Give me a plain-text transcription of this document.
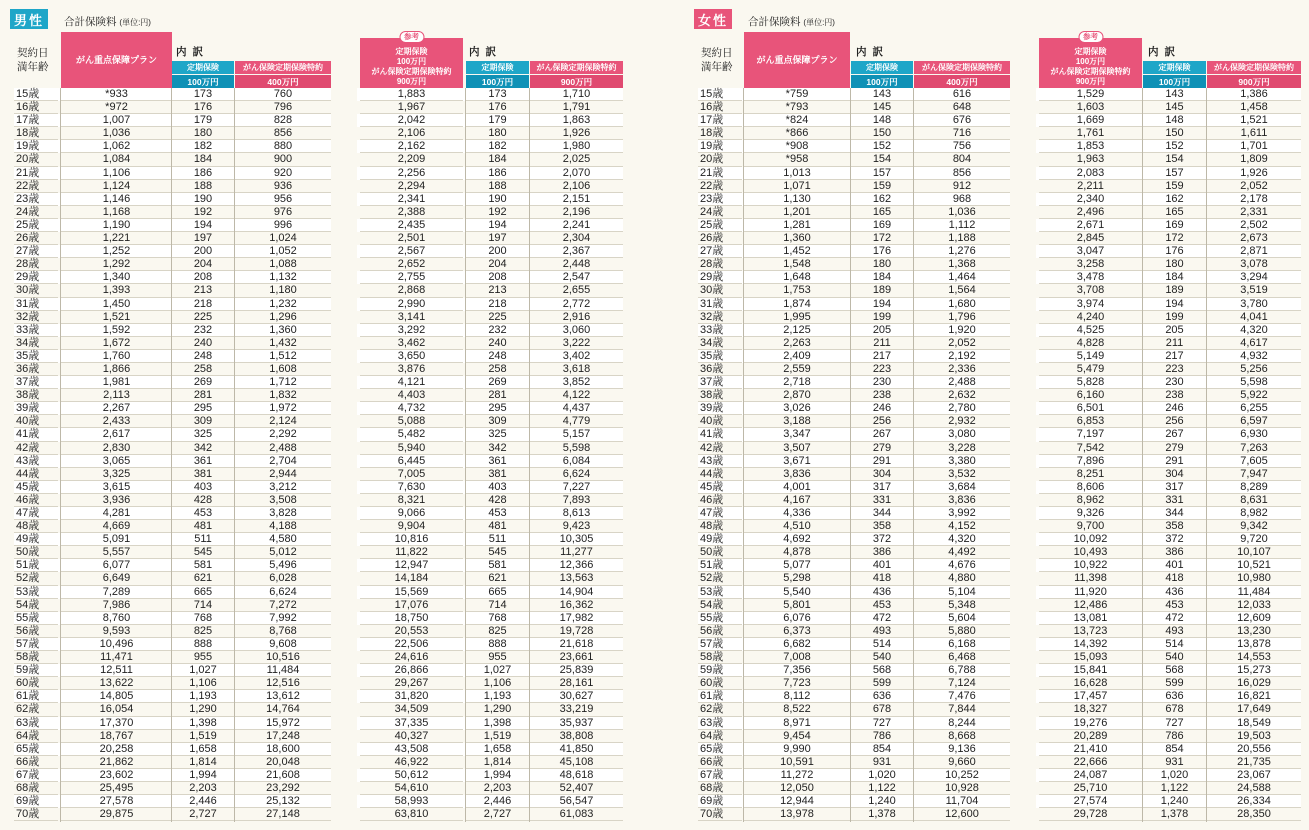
男性	合計保険料 (単位:円)
契約日
満年齢
がん重点保障プラン
内訳
定期保険	がん保険定期保険特約
100万円	400万円
15歳	*933	173	760
16歳	*972	176	796
17歳	1,007	179	828
18歳	1,036	180	856
19歳	1,062	182	880
20歳	1,084	184	900
21歳	1,106	186	920
22歳	1,124	188	936
23歳	1,146	190	956
24歳	1,168	192	976
25歳	1,190	194	996
26歳	1,221	197	1,024
27歳	1,252	200	1,052
28歳	1,292	204	1,088
29歳	1,340	208	1,132
30歳	1,393	213	1,180
31歳	1,450	218	1,232
32歳	1,521	225	1,296
33歳	1,592	232	1,360
34歳	1,672	240	1,432
35歳	1,760	248	1,512
36歳	1,866	258	1,608
37歳	1,981	269	1,712
38歳	2,113	281	1,832
39歳	2,267	295	1,972
40歳	2,433	309	2,124
41歳	2,617	325	2,292
42歳	2,830	342	2,488
43歳	3,065	361	2,704
44歳	3,325	381	2,944
45歳	3,615	403	3,212
46歳	3,936	428	3,508
47歳	4,281	453	3,828
48歳	4,669	481	4,188
49歳	5,091	511	4,580
50歳	5,557	545	5,012
51歳	6,077	581	5,496
52歳	6,649	621	6,028
53歳	7,289	665	6,624
54歳	7,986	714	7,272
55歳	8,760	768	7,992
56歳	9,593	825	8,768
57歳	10,496	888	9,608
58歳	11,471	955	10,516
59歳	12,511	1,027	11,484
60歳	13,622	1,106	12,516
61歳	14,805	1,193	13,612
62歳	16,054	1,290	14,764
63歳	17,370	1,398	15,972
64歳	18,767	1,519	17,248
65歳	20,258	1,658	18,600
66歳	21,862	1,814	20,048
67歳	23,602	1,994	21,608
68歳	25,495	2,203	23,292
69歳	27,578	2,446	25,132
70歳	29,875	2,727	27,148
参考
定期保険
100万円
がん保険定期保険特約
900万円
内訳
定期保険	がん保険定期保険特約
100万円	900万円
1,883	173	1,710
1,967	176	1,791
2,042	179	1,863
2,106	180	1,926
2,162	182	1,980
2,209	184	2,025
2,256	186	2,070
2,294	188	2,106
2,341	190	2,151
2,388	192	2,196
2,435	194	2,241
2,501	197	2,304
2,567	200	2,367
2,652	204	2,448
2,755	208	2,547
2,868	213	2,655
2,990	218	2,772
3,141	225	2,916
3,292	232	3,060
3,462	240	3,222
3,650	248	3,402
3,876	258	3,618
4,121	269	3,852
4,403	281	4,122
4,732	295	4,437
5,088	309	4,779
5,482	325	5,157
5,940	342	5,598
6,445	361	6,084
7,005	381	6,624
7,630	403	7,227
8,321	428	7,893
9,066	453	8,613
9,904	481	9,423
10,816	511	10,305
11,822	545	11,277
12,947	581	12,366
14,184	621	13,563
15,569	665	14,904
17,076	714	16,362
18,750	768	17,982
20,553	825	19,728
22,506	888	21,618
24,616	955	23,661
26,866	1,027	25,839
29,267	1,106	28,161
31,820	1,193	30,627
34,509	1,290	33,219
37,335	1,398	35,937
40,327	1,519	38,808
43,508	1,658	41,850
46,922	1,814	45,108
50,612	1,994	48,618
54,610	2,203	52,407
58,993	2,446	56,547
63,810	2,727	61,083
女性	合計保険料 (単位:円)
契約日
満年齢
がん重点保障プラン
内訳
定期保険	がん保険定期保険特約
100万円	400万円
15歳	*759	143	616
16歳	*793	145	648
17歳	*824	148	676
18歳	*866	150	716
19歳	*908	152	756
20歳	*958	154	804
21歳	1,013	157	856
22歳	1,071	159	912
23歳	1,130	162	968
24歳	1,201	165	1,036
25歳	1,281	169	1,112
26歳	1,360	172	1,188
27歳	1,452	176	1,276
28歳	1,548	180	1,368
29歳	1,648	184	1,464
30歳	1,753	189	1,564
31歳	1,874	194	1,680
32歳	1,995	199	1,796
33歳	2,125	205	1,920
34歳	2,263	211	2,052
35歳	2,409	217	2,192
36歳	2,559	223	2,336
37歳	2,718	230	2,488
38歳	2,870	238	2,632
39歳	3,026	246	2,780
40歳	3,188	256	2,932
41歳	3,347	267	3,080
42歳	3,507	279	3,228
43歳	3,671	291	3,380
44歳	3,836	304	3,532
45歳	4,001	317	3,684
46歳	4,167	331	3,836
47歳	4,336	344	3,992
48歳	4,510	358	4,152
49歳	4,692	372	4,320
50歳	4,878	386	4,492
51歳	5,077	401	4,676
52歳	5,298	418	4,880
53歳	5,540	436	5,104
54歳	5,801	453	5,348
55歳	6,076	472	5,604
56歳	6,373	493	5,880
57歳	6,682	514	6,168
58歳	7,008	540	6,468
59歳	7,356	568	6,788
60歳	7,723	599	7,124
61歳	8,112	636	7,476
62歳	8,522	678	7,844
63歳	8,971	727	8,244
64歳	9,454	786	8,668
65歳	9,990	854	9,136
66歳	10,591	931	9,660
67歳	11,272	1,020	10,252
68歳	12,050	1,122	10,928
69歳	12,944	1,240	11,704
70歳	13,978	1,378	12,600
参考
定期保険
100万円
がん保険定期保険特約
900万円
内訳
定期保険	がん保険定期保険特約
100万円	900万円
1,529	143	1,386
1,603	145	1,458
1,669	148	1,521
1,761	150	1,611
1,853	152	1,701
1,963	154	1,809
2,083	157	1,926
2,211	159	2,052
2,340	162	2,178
2,496	165	2,331
2,671	169	2,502
2,845	172	2,673
3,047	176	2,871
3,258	180	3,078
3,478	184	3,294
3,708	189	3,519
3,974	194	3,780
4,240	199	4,041
4,525	205	4,320
4,828	211	4,617
5,149	217	4,932
5,479	223	5,256
5,828	230	5,598
6,160	238	5,922
6,501	246	6,255
6,853	256	6,597
7,197	267	6,930
7,542	279	7,263
7,896	291	7,605
8,251	304	7,947
8,606	317	8,289
8,962	331	8,631
9,326	344	8,982
9,700	358	9,342
10,092	372	9,720
10,493	386	10,107
10,922	401	10,521
11,398	418	10,980
11,920	436	11,484
12,486	453	12,033
13,081	472	12,609
13,723	493	13,230
14,392	514	13,878
15,093	540	14,553
15,841	568	15,273
16,628	599	16,029
17,457	636	16,821
18,327	678	17,649
19,276	727	18,549
20,289	786	19,503
21,410	854	20,556
22,666	931	21,735
24,087	1,020	23,067
25,710	1,122	24,588
27,574	1,240	26,334
29,728	1,378	28,350
